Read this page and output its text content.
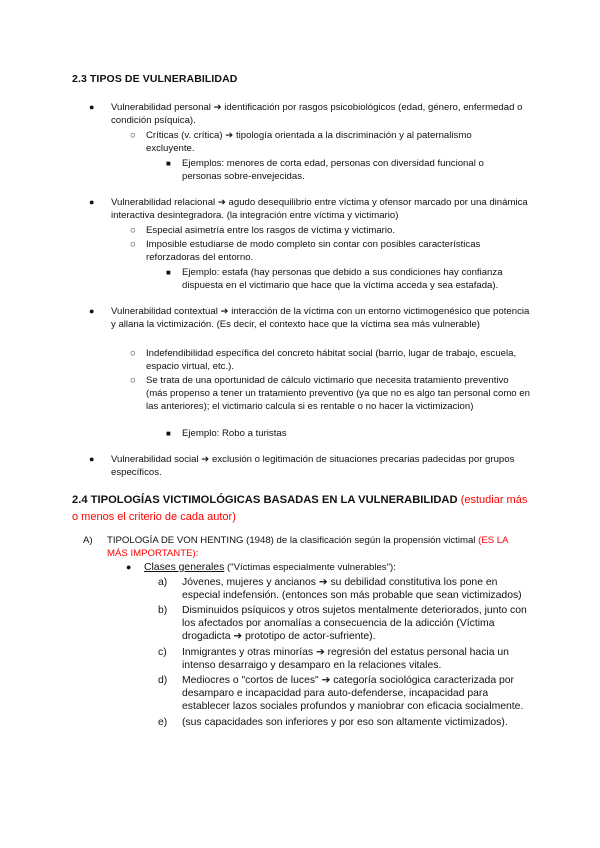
2.3 TIPOS DE VULNERABILIDAD
● Vulnerabilidad personal ➔ identificación por rasgos psicobiológicos (edad, género, enfermedad o condición psíquica).
○ Críticas (v. crítica) ➔ tipología orientada a la discriminación y al paternalismo excluyente.
■ Ejemplos: menores de corta edad, personas con diversidad funcional o personas sobre-envejecidas.
● Vulnerabilidad relacional ➔ agudo desequilibrio entre víctima y ofensor marcado por una dinámica interactiva desintegradora. (la integración entre víctima y victimario)
○ Especial asimetría entre los rasgos de víctima y victimario.
○ Imposible estudiarse de modo completo sin contar con posibles características reforzadoras del entorno.
■ Ejemplo: estafa (hay personas que debido a sus condiciones hay confianza dispuesta en el victimario que hace que la víctima acceda y sea estafada).
● Vulnerabilidad contextual ➔ interacción de la víctima con un entorno victimogenésico que potencia y allana la victimización. (Es decir, el contexto hace que la víctima sea más vulnerable)
○ Indefendibilidad específica del concreto hábitat social (barrio, lugar de trabajo, escuela, espacio virtual, etc.).
○ Se trata de una oportunidad de cálculo victimario que necesita tratamiento preventivo (más propenso a tener un tratamiento preventivo (ya que no es algo tan personal como en las anteriores); el victimario calcula si es rentable o no hacer la victimizacion)
■ Ejemplo: Robo a turistas
● Vulnerabilidad social ➔ exclusión o legitimación de situaciones precarias padecidas por grupos específicos.
2.4 TIPOLOGÍAS VICTIMOLÓGICAS BASADAS EN LA VULNERABILIDAD (estudiar más o menos el criterio de cada autor)
A) TIPOLOGÍA DE VON HENTING (1948) de la clasificación según la propensión victimal (ES LA MÁS IMPORTANTE):
● Clases generales ("Víctimas especialmente vulnerables"):
a) Jóvenes, mujeres y ancianos ➔ su debilidad constitutiva los pone en especial indefensión. (entonces son más probable que sean victimizados)
b) Disminuidos psíquicos y otros sujetos mentalmente deteriorados, junto con los afectados por anomalías a consecuencia de la adicción (Víctima drogadicta ➔ prototipo de actor-sufriente).
c) Inmigrantes y otras minorías ➔ regresión del estatus personal hacia un intenso desarraigo y desamparo en la relaciones vitales.
d) Mediocres o "cortos de luces" ➔ categoría sociológica caracterizada por desamparo e incapacidad para auto-defenderse, incapacidad para establecer lazos sociales profundos y maniobrar con eficacia socialmente.
e) (sus capacidades son inferiores y por eso son altamente victimizados).
